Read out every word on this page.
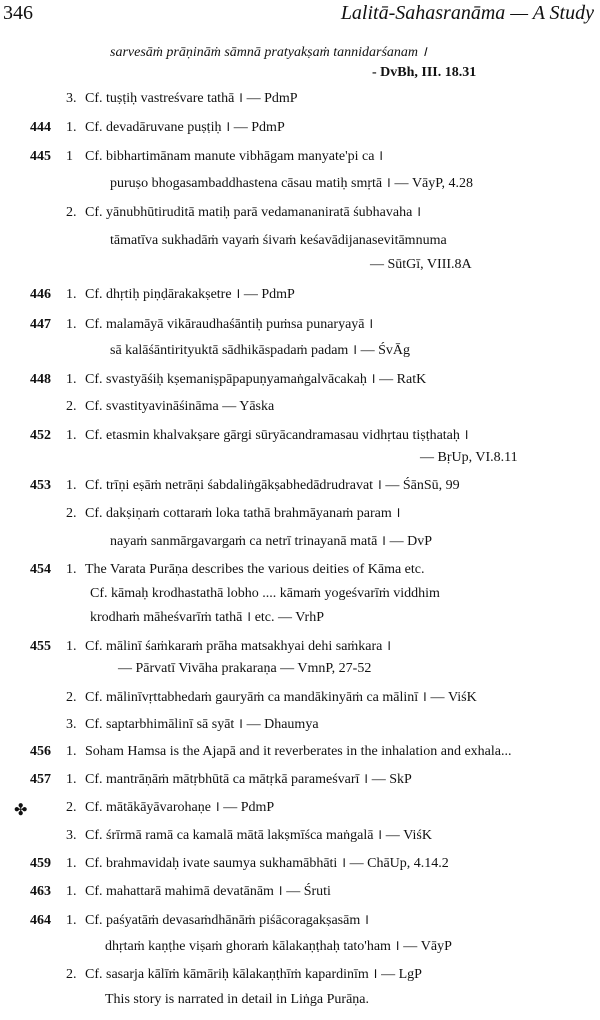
346	Lalitā-Sahasranāma — A Study
sarvesāṁ prāṇināṁ sāmnā pratyakṣaṁ tannidarśanam ।
- DvBh, III. 18.31
3. Cf. tuṣṭiḥ vastreśvare tathā । — PdmP
444 1. Cf. devadāruvane puṣṭiḥ । — PdmP
445 1 Cf. bibhartimānam manute vibhāgam manyate'pi ca ।
puruṣo bhogasambaddhastena cāsau matiḥ smṛtā । — VāyP, 4.28
2. Cf. yānubhūtiruditā matiḥ parā vedamananiratā śubhavaha ।
tāmatīva sukhadāṁ vayaṁ śivaṁ keśavādijanasevitāmnuma
— SūtGī, VIII.8A
446 1. Cf. dhṛtiḥ piṇḍārakakṣetre । — PdmP
447 1. Cf. malamāyā vikāraudhaśāntiḥ puṁsa punaryayā ।
sā kalāśāntirityuktā sādhikāspadaṁ padam । — ŚvĀg
448 1. Cf. svastyāśiḥ kṣemaniṣpāpapuṇyamaṅgalvācakaḥ । — RatK
2. Cf. svastityavināśināma — Yāska
452 1. Cf. etasmin khalvakṣare gārgi sūryācandramasau vidhṛtau tiṣṭhataḥ ।
— BṛUp, VI.8.11
453 1. Cf. trīṇi eṣāṁ netrāṇi śabdaliṅgākṣabhedādrudravat । — ŚānSū, 99
2. Cf. dakṣiṇaṁ cottaraṁ loka tathā brahmāyanaṁ param ।
nayaṁ sanmārgavargaṁ ca netrī trinayanā matā । — DvP
454 1. The Varata Purāṇa describes the various deities of Kāma etc.
Cf. kāmaḥ krodhastathā lobho .... kāmaṁ yogeśvarīṁ viddhim
krodhaṁ māheśvarīṁ tathā । etc. — VrhP
455 1. Cf. mālinī śaṁkaraṁ prāha matsakhyai dehi saṁkara ।
— Pārvatī Vivāha prakaraṇa — VmnP, 27-52
2. Cf. mālinīvṛttabhedaṁ gauryāṁ ca mandākinyāṁ ca mālinī । — ViśK
3. Cf. saptarbhimālinī sā syāt । — Dhaumya
456 1. Soham Hamsa is the Ajapā and it reverberates in the inhalation and exhala...
457 1. Cf. mantrāṇāṁ mātṛbhūtā ca mātṛkā parameśvarī । — SkP
2. Cf. mātākāyāvarohaṇe । — PdmP
3. Cf. śrīrmā ramā ca kamalā mātā lakṣmīśca maṅgalā । — ViśK
459 1. Cf. brahmavidaḥ ivate saumya sukhamābhāti । — ChāUp, 4.14.2
463 1. Cf. mahattarā mahimā devatānām । — Śruti
464 1. Cf. paśyatāṁ devasaṁdhānāṁ piśācoragakṣasām ।
dhṛtaṁ kaṇṭhe viṣaṁ ghoraṁ kālakaṇṭhaḥ tato'ham । — VāyP
2. Cf. sasarja kālīṁ kāmāriḥ kālakaṇṭhīṁ kapardinīm । — LgP
This story is narrated in detail in Liṅga Purāṇa.
✤
